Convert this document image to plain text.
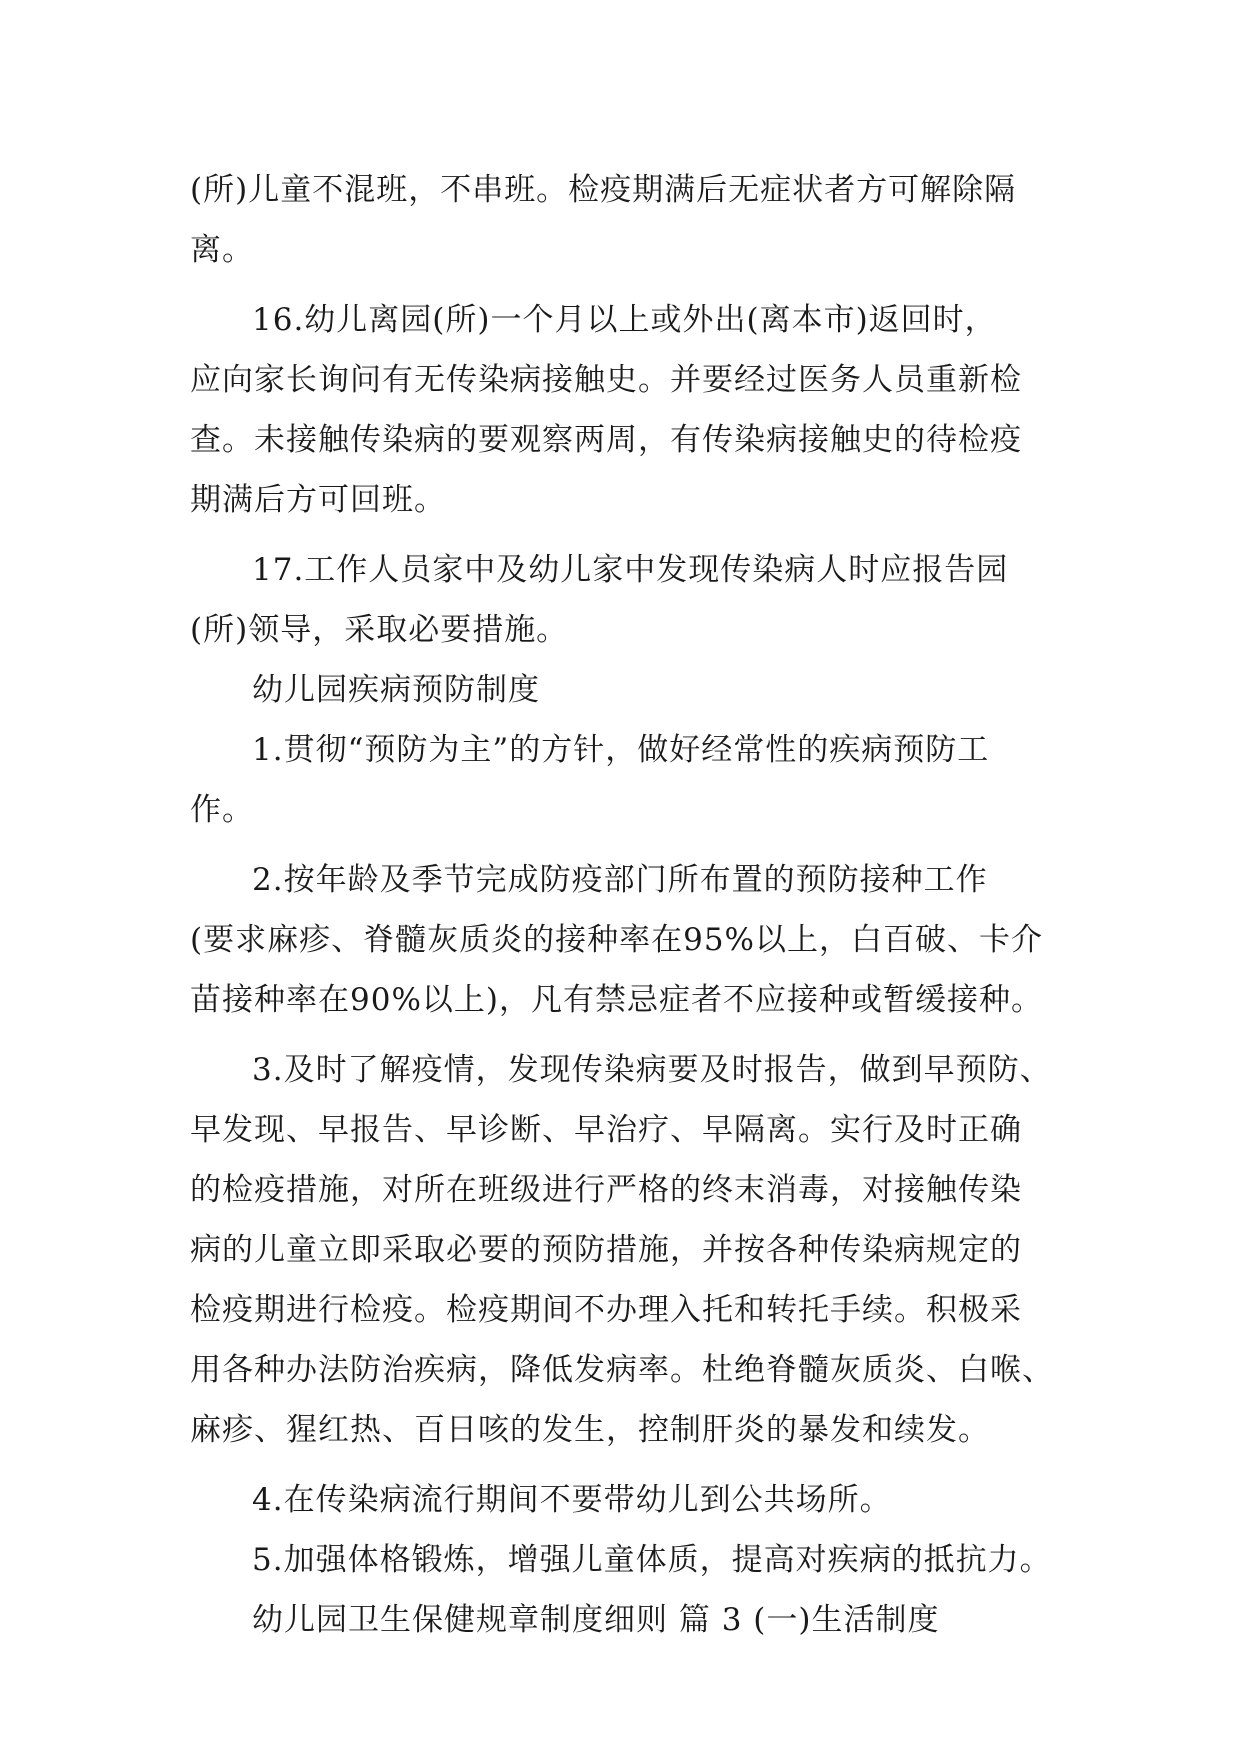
(所)儿童不混班，不串班。检疫期满后无症状者方可解除隔
离。
16.幼儿离园(所)一个月以上或外出(离本市)返回时，
应向家长询问有无传染病接触史。并要经过医务人员重新检
查。未接触传染病的要观察两周，有传染病接触史的待检疫
期满后方可回班。
17.工作人员家中及幼儿家中发现传染病人时应报告园
(所)领导，采取必要措施。
幼儿园疾病预防制度
1.贯彻“预防为主”的方针，做好经常性的疾病预防工
作。
2.按年龄及季节完成防疫部门所布置的预防接种工作
(要求麻疹、脊髓灰质炎的接种率在95%以上，白百破、卡介
苗接种率在90%以上)，凡有禁忌症者不应接种或暂缓接种。
3.及时了解疫情，发现传染病要及时报告，做到早预防、
早发现、早报告、早诊断、早治疗、早隔离。实行及时正确
的检疫措施，对所在班级进行严格的终末消毒，对接触传染
病的儿童立即采取必要的预防措施，并按各种传染病规定的
检疫期进行检疫。检疫期间不办理入托和转托手续。积极采
用各种办法防治疾病，降低发病率。杜绝脊髓灰质炎、白喉、
麻疹、猩红热、百日咳的发生，控制肝炎的暴发和续发。
4.在传染病流行期间不要带幼儿到公共场所。
5.加强体格锻炼，增强儿童体质，提高对疾病的抵抗力。
幼儿园卫生保健规章制度细则 篇 3 (一)生活制度
